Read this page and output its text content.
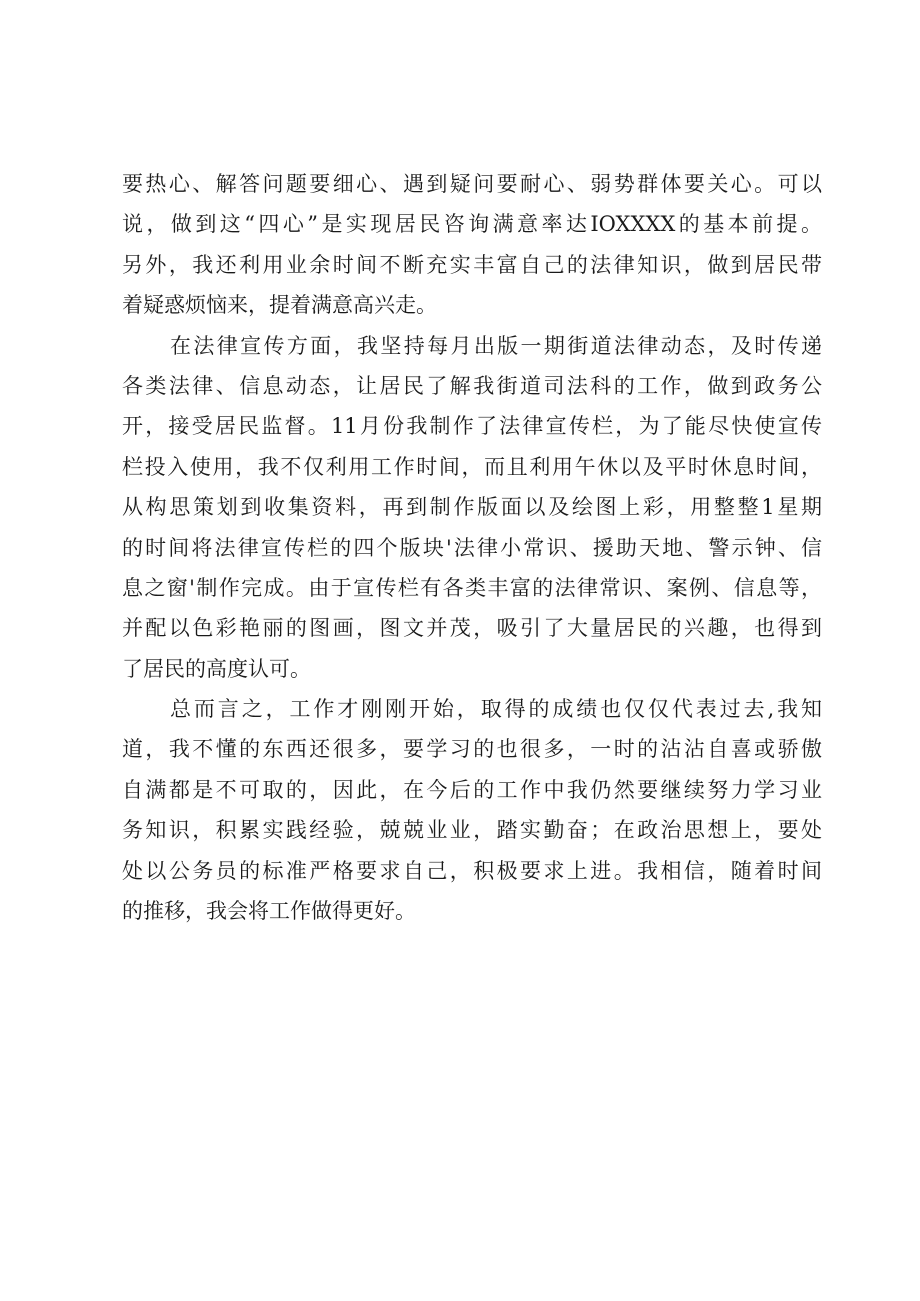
要热心、解答问题要细心、遇到疑问要耐心、弱势群体要关心。可以
说，做到这“四心”是实现居民咨询满意率达IOXXXX的基本前提。
另外，我还利用业余时间不断充实丰富自己的法律知识，做到居民带
着疑惑烦恼来，提着满意高兴走。
在法律宣传方面，我坚持每月出版一期街道法律动态，及时传递
各类法律、信息动态，让居民了解我街道司法科的工作，做到政务公
开，接受居民监督。11月份我制作了法律宣传栏，为了能尽快使宣传
栏投入使用，我不仅利用工作时间，而且利用午休以及平时休息时间，
从构思策划到收集资料，再到制作版面以及绘图上彩，用整整1星期
的时间将法律宣传栏的四个版块'法律小常识、援助天地、警示钟、信
息之窗'制作完成。由于宣传栏有各类丰富的法律常识、案例、信息等，
并配以色彩艳丽的图画，图文并茂，吸引了大量居民的兴趣，也得到
了居民的高度认可。
总而言之，工作才刚刚开始，取得的成绩也仅仅代表过去,我知
道，我不懂的东西还很多，要学习的也很多，一时的沾沾自喜或骄傲
自满都是不可取的，因此，在今后的工作中我仍然要继续努力学习业
务知识，积累实践经验，兢兢业业，踏实勤奋；在政治思想上，要处
处以公务员的标准严格要求自己，积极要求上进。我相信，随着时间
的推移，我会将工作做得更好。
